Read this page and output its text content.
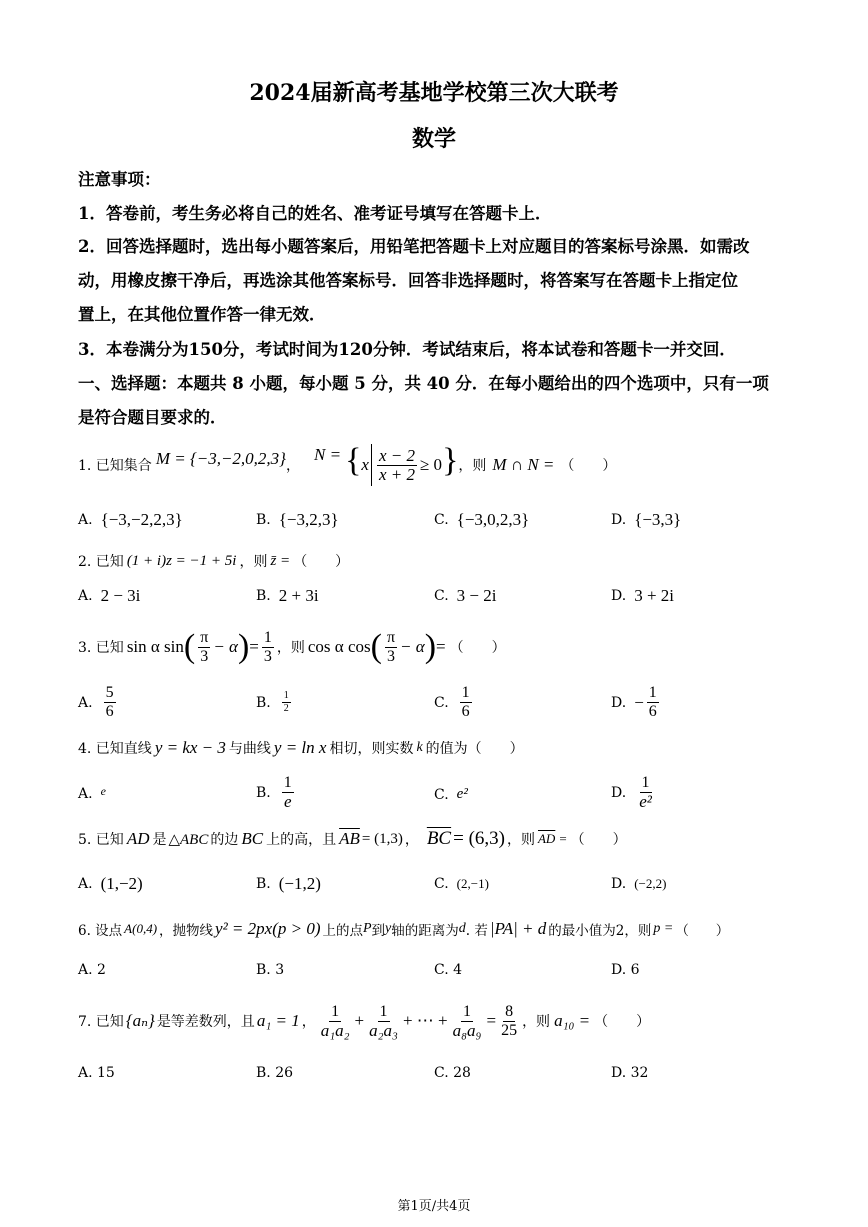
2024届新高考基地学校第三次大联考
数学
注意事项：
1．答卷前，考生务必将自己的姓名、准考证号填写在答题卡上．
2．回答选择题时，选出每小题答案后，用铅笔把答题卡上对应题目的答案标号涂黑．如需改
动，用橡皮擦干净后，再选涂其他答案标号．回答非选择题时，将答案写在答题卡上指定位
置上，在其他位置作答一律无效．
3．本卷满分为150分，考试时间为120分钟．考试结束后，将本试卷和答题卡一并交回．
一、选择题：本题共 8 小题，每小题 5 分，共 40 分．在每小题给出的四个选项中，只有一项
是符合题目要求的．
1. 已知集合 M = {−3,−2,0,2,3} ，
N = { x $\frac{x - 2}{x + 2} \ge 0$ } ，则 M ∩ N = （　　）
A. {−3,−2,2,3}	B. {−3,2,3}	C. {−3,0,2,3}	D. {−3,3}
2. 已知 (1 + i)z = −1 + 5i ，则 z̄ = （　　）
A. 2 − 3i	B. 2 + 3i	C. 3 − 2i	D. 3 + 2i
3. 已知 sin α sin ( $\frac{\pi}{3} - \alpha$ ) = $\frac{1}{3}$ ，则 cos α cos ( $\frac{\pi}{3} - \alpha$ ) = （　　）
A. $\frac{5}{6}$	B. $\frac{1}{2}$	C. $\frac{1}{6}$	D. − $\frac{1}{6}$
4. 已知直线 y = kx − 3 与曲线 y = ln x 相切，则实数 k 的值为 （　　）
A. e	B. $\frac{1}{e}$	C. e²	D. $\frac{1}{\text{e²}}$
5. 已知 AD 是 △ABC 的边 BC 上的高，且 $\overline{AB} = (1,3)$ ， $\overline{BC} = (6,3)$ ，则 $\overline{AD}$ = （　　）
A. (1,−2)	B. (−1,2)	C. (2,−1)	D. (−2,2)
6. 设点 A(0,4) ，抛物线 y² = 2px(p > 0) 上的点 P 到 y 轴的距离为 d . 若 |PA| + d 的最小值为2，则 p = （　　）
A. 2	B. 3	C. 4	D. 6
7. 已知 {aₙ} 是等差数列，且 a₁ = 1 ， $\frac{1}{\text{a₁a₂}} + \frac{1}{\text{a₂a₃}}$ + ⋯ + $\frac{1}{\text{a₈a₉}} = \frac{8}{25}$ ，则 a₁₀ = （　　）
A. 15	B. 26	C. 28	D. 32
第1页/共4页
